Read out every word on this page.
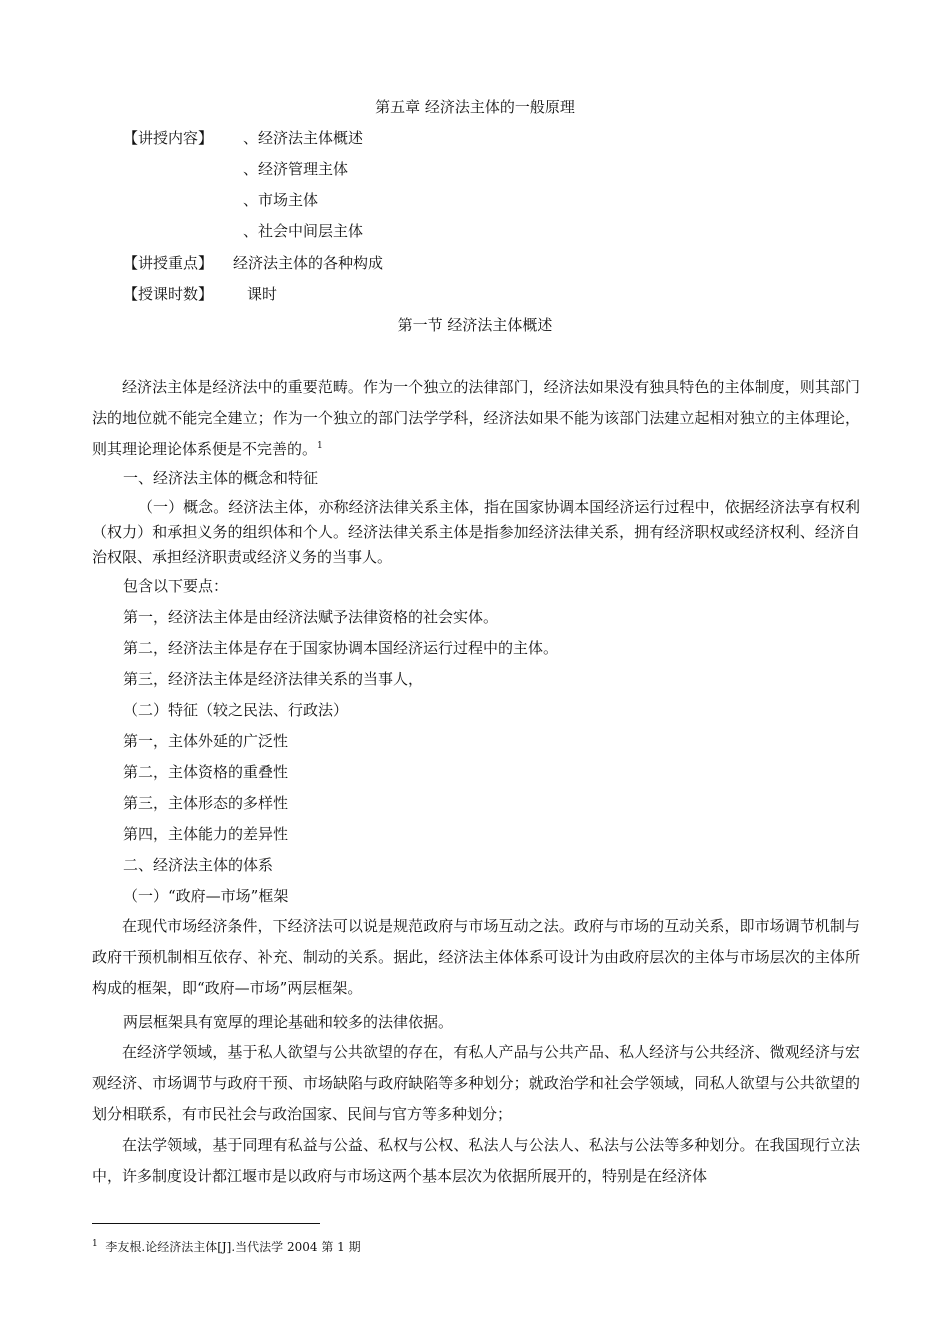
第五章 经济法主体的一般原理
【讲授内容】 、经济法主体概述
、经济管理主体
、市场主体
、社会中间层主体
【讲授重点】 经济法主体的各种构成
【授课时数】 课时
第一节 经济法主体概述
经济法主体是经济法中的重要范畴。作为一个独立的法律部门，经济法如果没有独具特色的主体制度，则其部门法的地位就不能完全建立；作为一个独立的部门法学学科，经济法如果不能为该部门法建立起相对独立的主体理论，则其理论理论体系便是不完善的。$^1$
一、经济法主体的概念和特征
（一）概念。经济法主体，亦称经济法律关系主体，指在国家协调本国经济运行过程中，依据经济法享有权利（权力）和承担义务的组织体和个人。经济法律关系主体是指参加经济法律关系，拥有经济职权或经济权利、经济自治权限、承担经济职责或经济义务的当事人。
包含以下要点：
第一，经济法主体是由经济法赋予法律资格的社会实体。
第二，经济法主体是存在于国家协调本国经济运行过程中的主体。
第三，经济法主体是经济法律关系的当事人，
（二）特征（较之民法、行政法）
第一，主体外延的广泛性
第二，主体资格的重叠性
第三，主体形态的多样性
第四，主体能力的差异性
二、经济法主体的体系
（一）“政府—市场”框架
在现代市场经济条件，下经济法可以说是规范政府与市场互动之法。政府与市场的互动关系，即市场调节机制与政府干预机制相互依存、补充、制动的关系。据此，经济法主体体系可设计为由政府层次的主体与市场层次的主体所构成的框架，即“政府—市场”两层框架。
两层框架具有宽厚的理论基础和较多的法律依据。
在经济学领域，基于私人欲望与公共欲望的存在，有私人产品与公共产品、私人经济与公共经济、微观经济与宏观经济、市场调节与政府干预、市场缺陷与政府缺陷等多种划分；就政治学和社会学领域，同私人欲望与公共欲望的划分相联系，有市民社会与政治国家、民间与官方等多种划分；
在法学领域，基于同理有私益与公益、私权与公权、私法人与公法人、私法与公法等多种划分。在我国现行立法中，许多制度设计都江堰市是以政府与市场这两个基本层次为依据所展开的，特别是在经济体
$^1$ 李友根.论经济法主体[J].当代法学 2004 第 1 期
